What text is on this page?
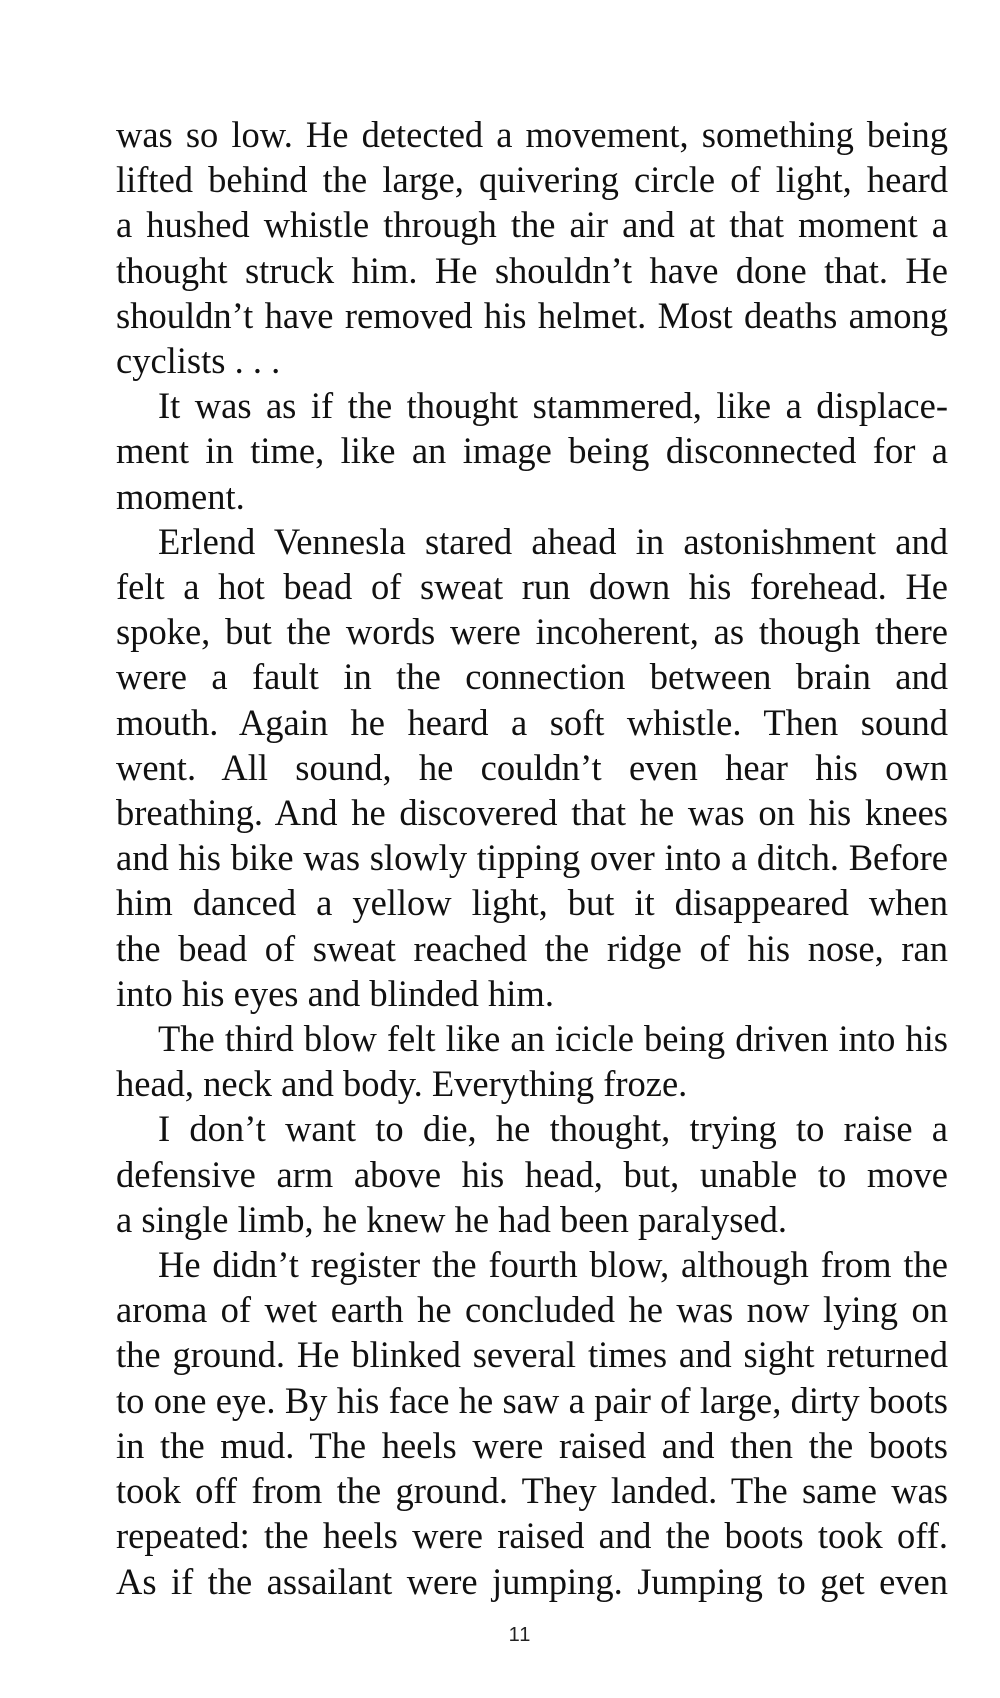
was so low. He detected a movement, something being
lifted behind the large, quivering circle of light, heard
a hushed whistle through the air and at that moment a
thought struck him. He shouldn’t have done that. He
shouldn’t have removed his helmet. Most deaths among
cyclists . . .
It was as if the thought stammered, like a displace-
ment in time, like an image being disconnected for a
moment.
Erlend Vennesla stared ahead in astonishment and
felt a hot bead of sweat run down his forehead. He
spoke, but the words were incoherent, as though there
were a fault in the connection between brain and
mouth. Again he heard a soft whistle. Then sound
went. All sound, he couldn’t even hear his own
breathing. And he discovered that he was on his knees
and his bike was slowly tipping over into a ditch. Before
him danced a yellow light, but it disappeared when
the bead of sweat reached the ridge of his nose, ran
into his eyes and blinded him.
The third blow felt like an icicle being driven into his
head, neck and body. Everything froze.
I don’t want to die, he thought, trying to raise a
defensive arm above his head, but, unable to move
a single limb, he knew he had been paralysed.
He didn’t register the fourth blow, although from the
aroma of wet earth he concluded he was now lying on
the ground. He blinked several times and sight returned
to one eye. By his face he saw a pair of large, dirty boots
in the mud. The heels were raised and then the boots
took off from the ground. They landed. The same was
repeated: the heels were raised and the boots took off.
As if the assailant were jumping. Jumping to get even
11
